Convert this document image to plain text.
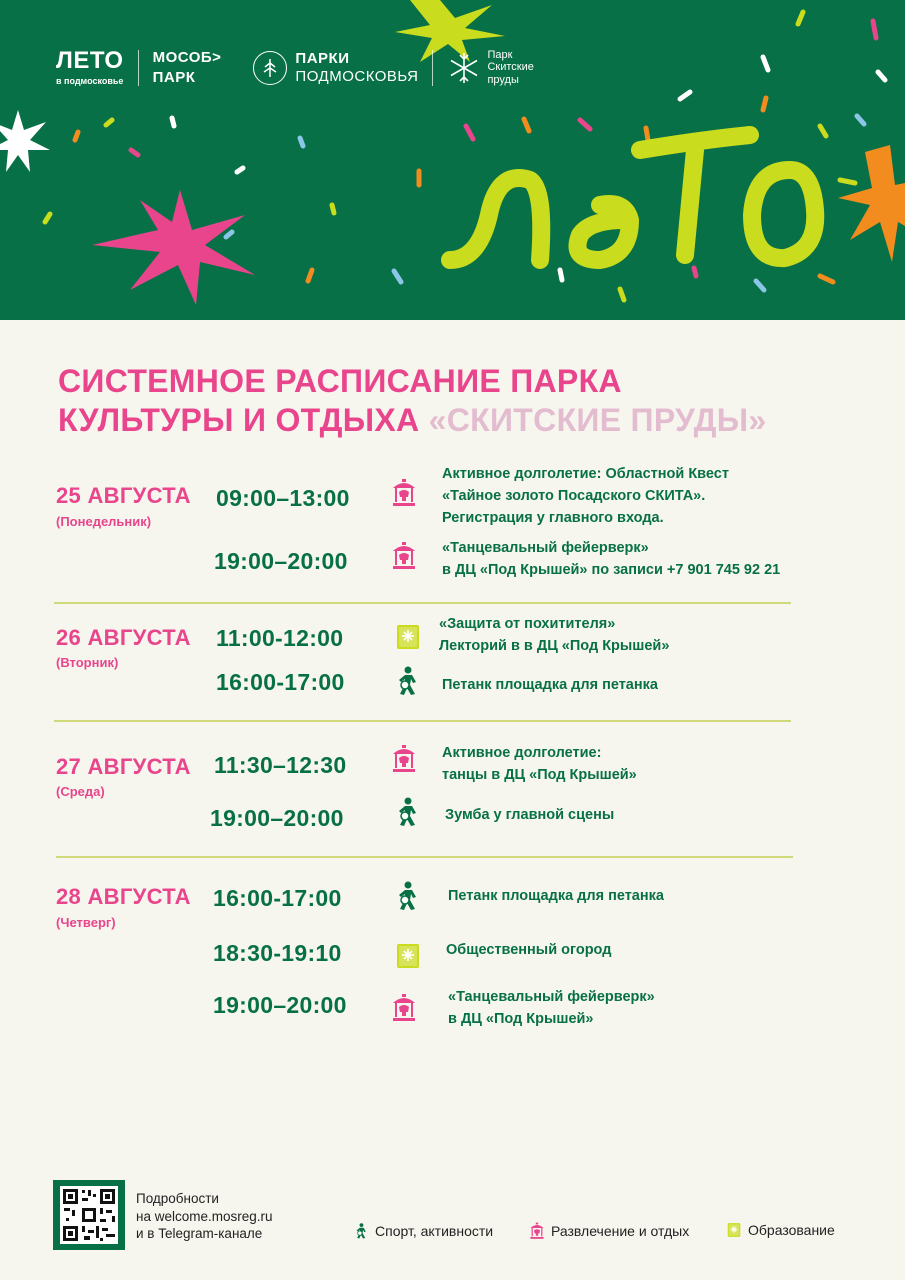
ЛЕТО
в подмосковье
МОСОБ>
ПАРК
ПАРКИ
ПОДМОСКОВЬЯ
Парк
Скитские
пруды
СИСТЕМНОЕ РАСПИСАНИЕ ПАРКА
КУЛЬТУРЫ И ОТДЫХА «СКИТСКИЕ ПРУДЫ»
25 АВГУСТА
(Понедельник)
09:00–13:00
Активное долголетие: Областной Квест
«Тайное золото Посадского СКИТА».
Регистрация у главного входа.
19:00–20:00	«Танцевальный фейерверк»
в ДЦ «Под Крышей» по записи +7 901 745 92 21
26 АВГУСТА
(Вторник)
11:00-12:00
«Защита от похитителя»
Лекторий в в ДЦ «Под Крышей»
16:00-17:00	Петанк площадка для петанка
27 АВГУСТА
(Среда)
11:30–12:30	Активное долголетие:
танцы в ДЦ «Под Крышей»
19:00–20:00	Зумба у главной сцены
28 АВГУСТА
(Четверг)
16:00-17:00	Петанк площадка для петанка
18:30-19:10	Общественный огород
19:00–20:00	«Танцевальный фейерверк»
в ДЦ «Под Крышей»
Подробности
на welcome.mosreg.ru
и в Telegram-канале	Спорт, активности	Развлечение и отдых	Образование
